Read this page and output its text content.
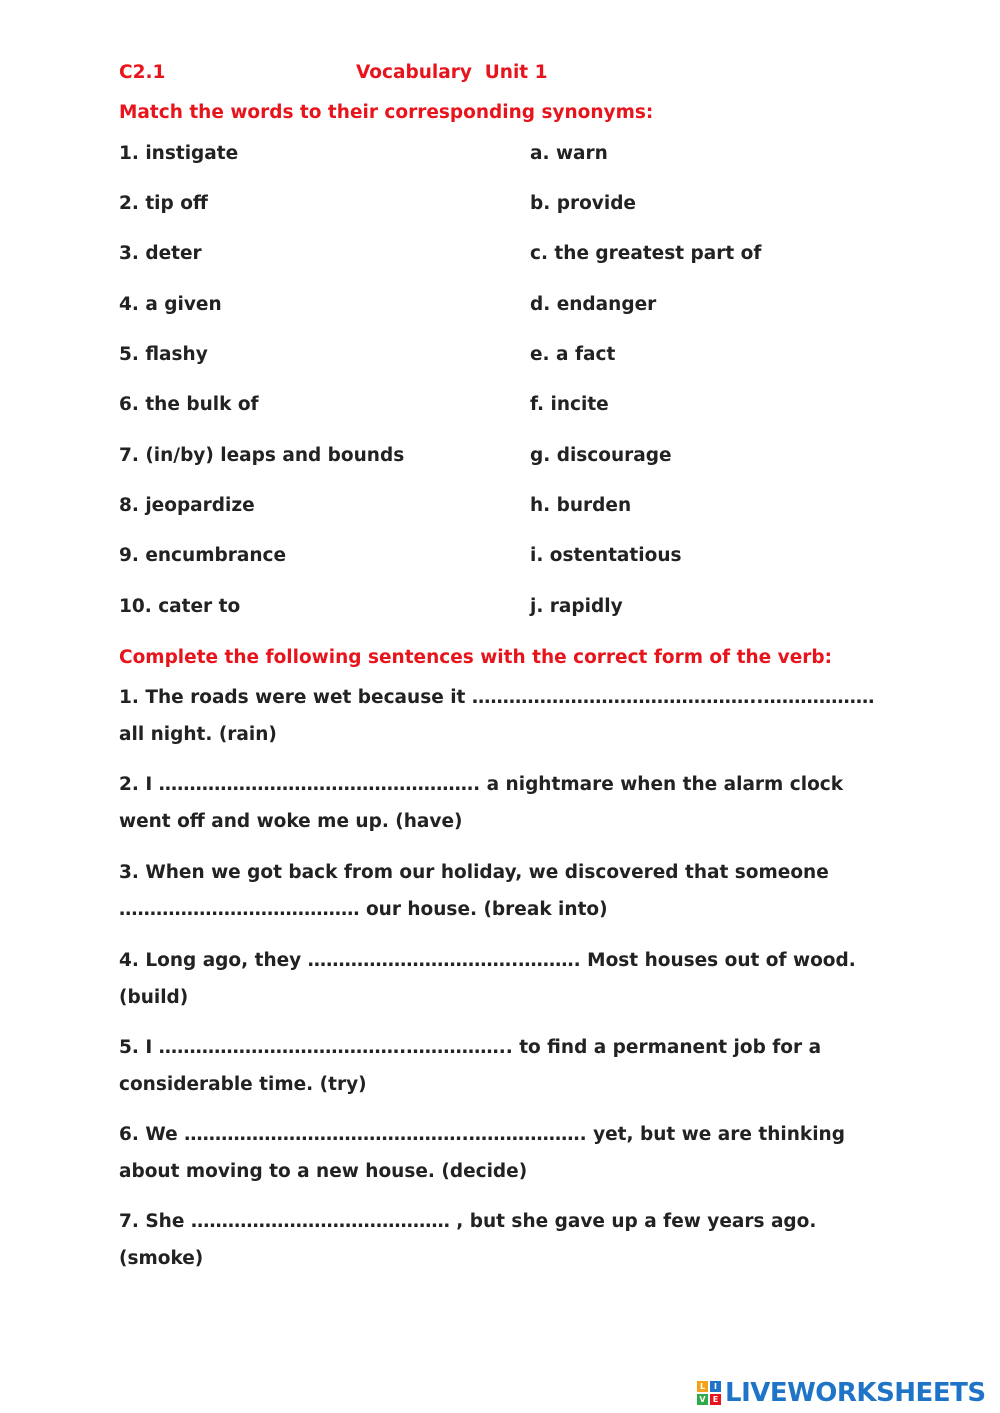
C2.1	Vocabulary  Unit 1
Match the words to their corresponding synonyms:
1. instigate
2. tip off
3. deter
4. a given
5. flashy
6. the bulk of
7. (in/by) leaps and bounds
8. jeopardize
9. encumbrance
10. cater to
a. warn
b. provide
c. the greatest part of
d. endanger
e. a fact
f. incite
g. discourage
h. burden
i. ostentatious
j. rapidly
Complete the following sentences with the correct form of the verb:
1. The roads were wet because it ………………………………………..……………… all night. (rain)
2. I ……………………………………………. a nightmare when the alarm clock went off and woke me up. (have)
3. When we got back from our holiday, we discovered that someone ………………………………… our house. (break into)
4. Long ago, they …………………………….………. Most houses out of wood. (build)
5. I ………………………………….…………….. to find a permanent job for a considerable time. (try)
6. We ……………………………………….………………. yet, but we are thinking about moving to a new house. (decide)
7. She …………………………………… , but she gave up a few years ago. (smoke)
L	I
V E LIVEWORKSHEETS
